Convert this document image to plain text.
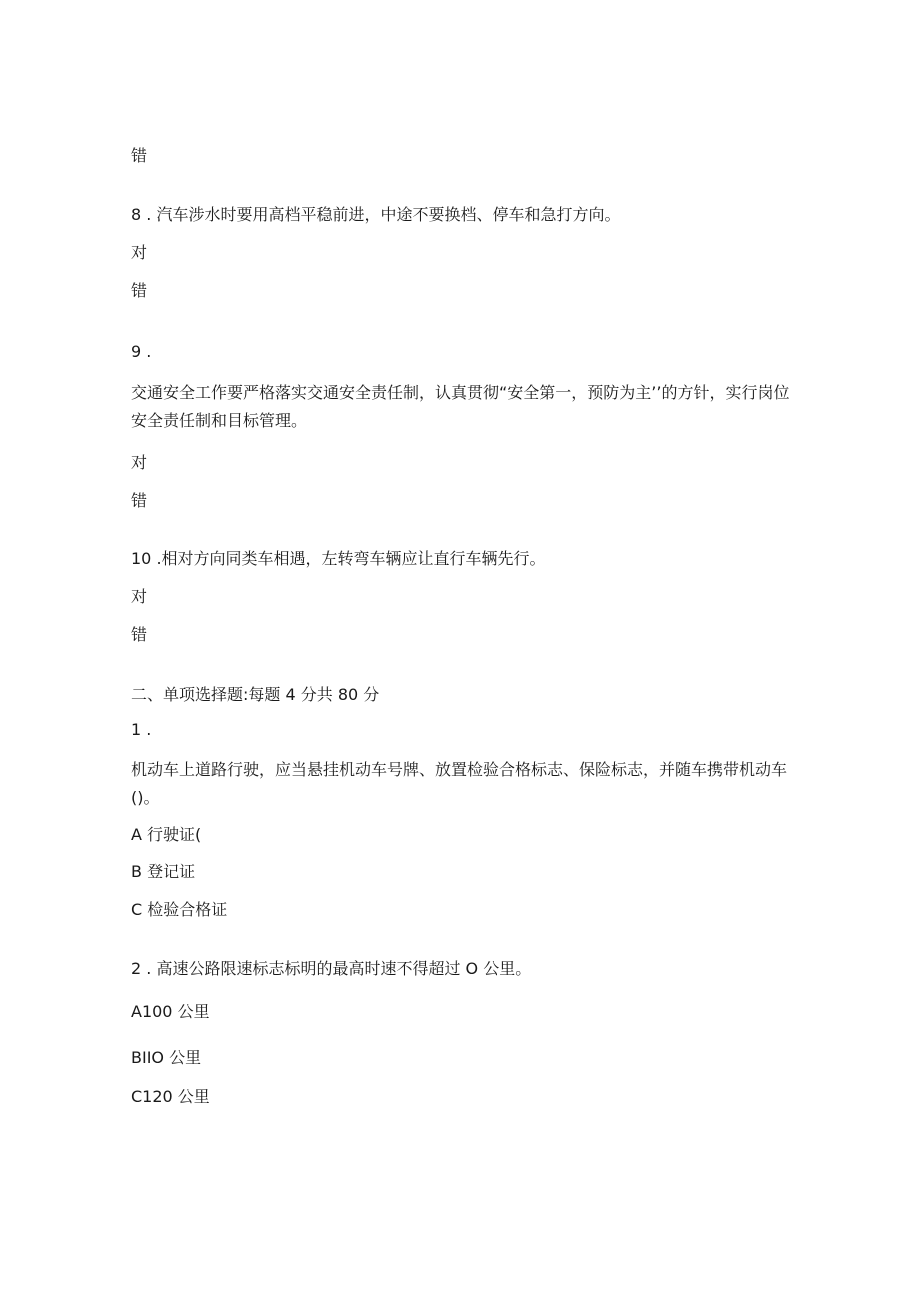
错
8 . 汽车涉水时要用高档平稳前进，中途不要换档、停车和急打方向。
对
错
9 .
交通安全工作要严格落实交通安全责任制，认真贯彻“安全第一，预防为主’’的方针，实行岗位安全责任制和目标管理。
对
错
10 .相对方向同类车相遇，左转弯车辆应让直行车辆先行。
对
错
二、单项选择题:每题 4 分共 80 分
1 .
机动车上道路行驶，应当悬挂机动车号牌、放置检验合格标志、保险标志，并随车携带机动车()。
A 行驶证(
B 登记证
C 检验合格证
2 . 高速公路限速标志标明的最高时速不得超过 O 公里。
A100 公里
BIIO 公里
C120 公里
